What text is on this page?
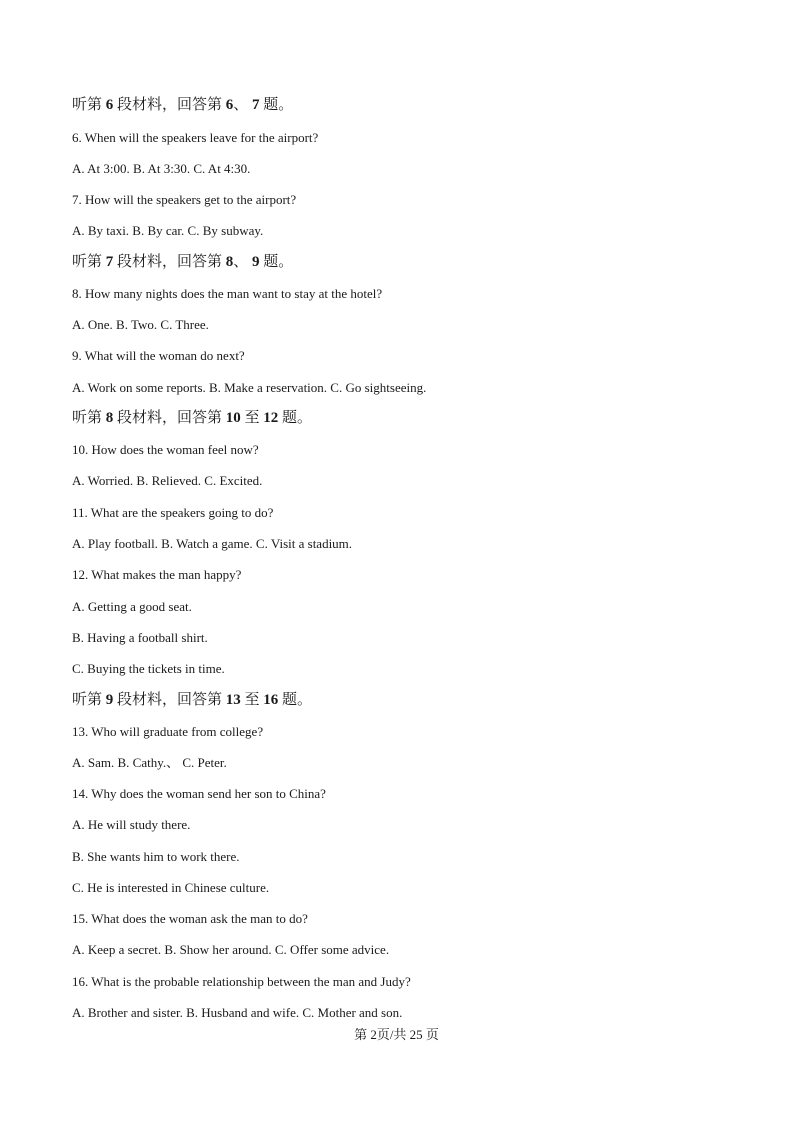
听第 6 段材料，回答第 6、 7 题。
6. When will the speakers leave for the airport?
A. At 3:00. B. At 3:30. C. At 4:30.
7. How will the speakers get to the airport?
A. By taxi. B. By car. C. By subway.
听第 7 段材料，回答第 8、 9 题。
8. How many nights does the man want to stay at the hotel?
A. One. B. Two. C. Three.
9. What will the woman do next?
A. Work on some reports. B. Make a reservation. C. Go sightseeing.
听第 8 段材料，回答第 10 至 12 题。
10. How does the woman feel now?
A. Worried. B. Relieved. C. Excited.
11. What are the speakers going to do?
A. Play football. B. Watch a game. C. Visit a stadium.
12. What makes the man happy?
A. Getting a good seat.
B. Having a football shirt.
C. Buying the tickets in time.
听第 9 段材料，回答第 13 至 16 题。
13. Who will graduate from college?
A. Sam. B. Cathy.、 C. Peter.
14. Why does the woman send her son to China?
A. He will study there.
B. She wants him to work there.
C. He is interested in Chinese culture.
15. What does the woman ask the man to do?
A. Keep a secret. B. Show her around. C. Offer some advice.
16. What is the probable relationship between the man and Judy?
A. Brother and sister. B. Husband and wife. C. Mother and son.
第 2页/共 25 页
